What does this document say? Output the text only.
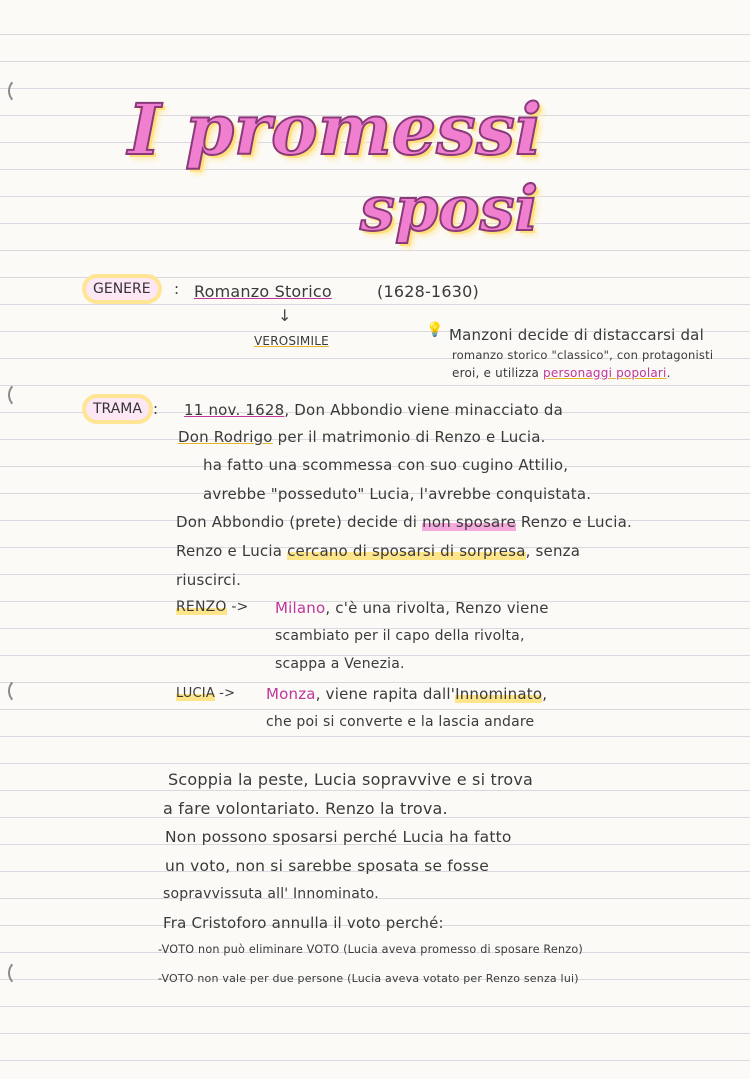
I promessi
sposi
GENERE	: Romanzo Storico	(1628-1630)
↓
VEROSIMILE
💡 Manzoni decide di distaccarsi dal
romanzo storico "classico", con protagonisti
eroi, e utilizza personaggi popolari.
TRAMA : 11 nov. 1628, Don Abbondio viene minacciato da
Don Rodrigo per il matrimonio di Renzo e Lucia.
ha fatto una scommessa con suo cugino Attilio,
avrebbe "posseduto" Lucia, l'avrebbe conquistata.
Don Abbondio (prete) decide di non sposare Renzo e Lucia.
Renzo e Lucia cercano di sposarsi di sorpresa, senza
riuscirci.
RENZO -> Milano, c'è una rivolta, Renzo viene
scambiato per il capo della rivolta,
scappa a Venezia.
LUCIA -> Monza, viene rapita dall'Innominato,
che poi si converte e la lascia andare
Scoppia la peste, Lucia sopravvive e si trova
a fare volontariato. Renzo la trova.
Non possono sposarsi perché Lucia ha fatto
un voto, non si sarebbe sposata se fosse
sopravvissuta all' Innominato.
Fra Cristoforo annulla il voto perché:
-VOTO non può eliminare VOTO (Lucia aveva promesso di sposare Renzo)
-VOTO non vale per due persone (Lucia aveva votato per Renzo senza lui)
